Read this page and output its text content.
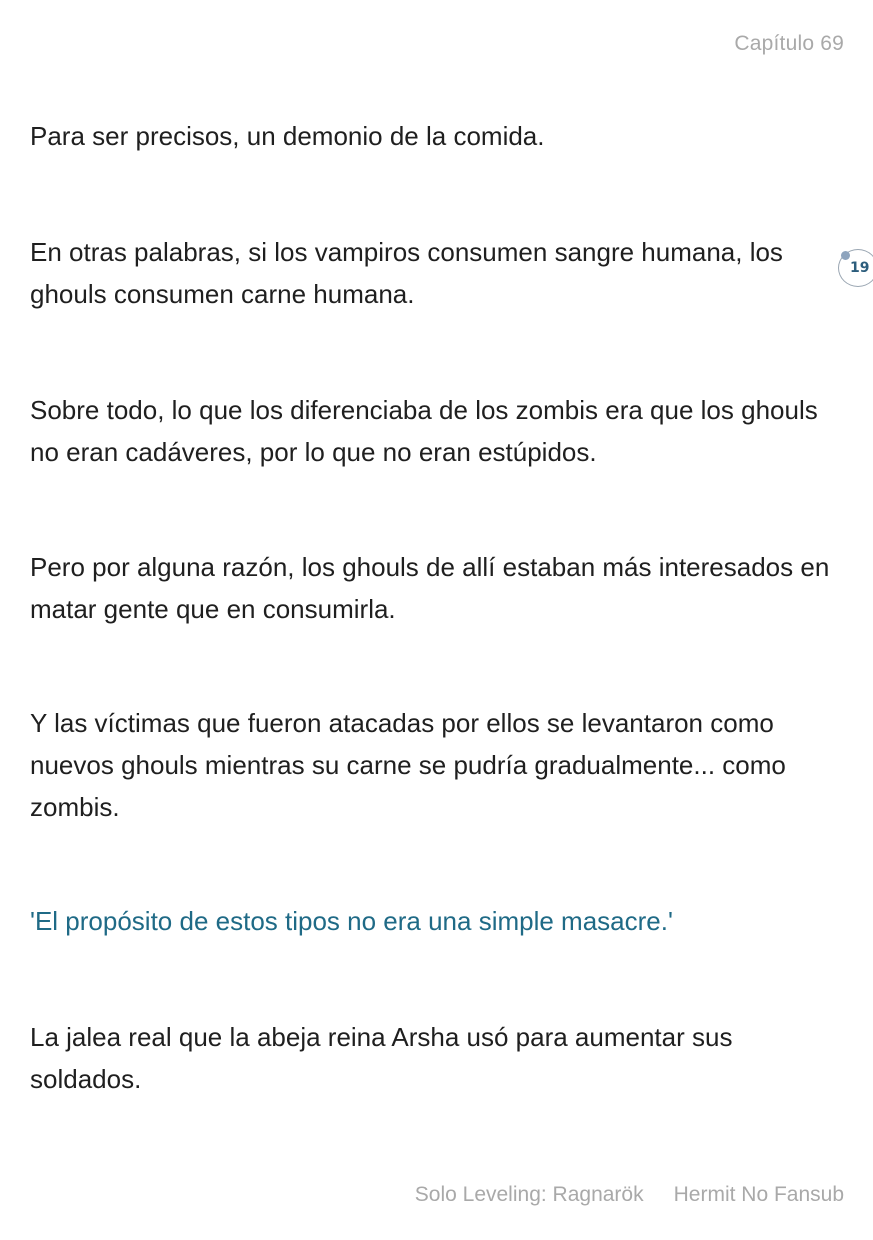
Capítulo 69

Para ser precisos, un demonio de la comida.

En otras palabras, si los vampiros consumen sangre humana, los ghouls consumen carne humana.

Sobre todo, lo que los diferenciaba de los zombis era que los ghouls no eran cadáveres, por lo que no eran estúpidos.

Pero por alguna razón, los ghouls de allí estaban más interesados en matar gente que en consumirla.

Y las víctimas que fueron atacadas por ellos se levantaron como nuevos ghouls mientras su carne se pudría gradualmente... como zombis.

'El propósito de estos tipos no era una simple masacre.'

La jalea real que la abeja reina Arsha usó para aumentar sus soldados.

19
Solo Leveling: Ragnarök Hermit No Fansub
